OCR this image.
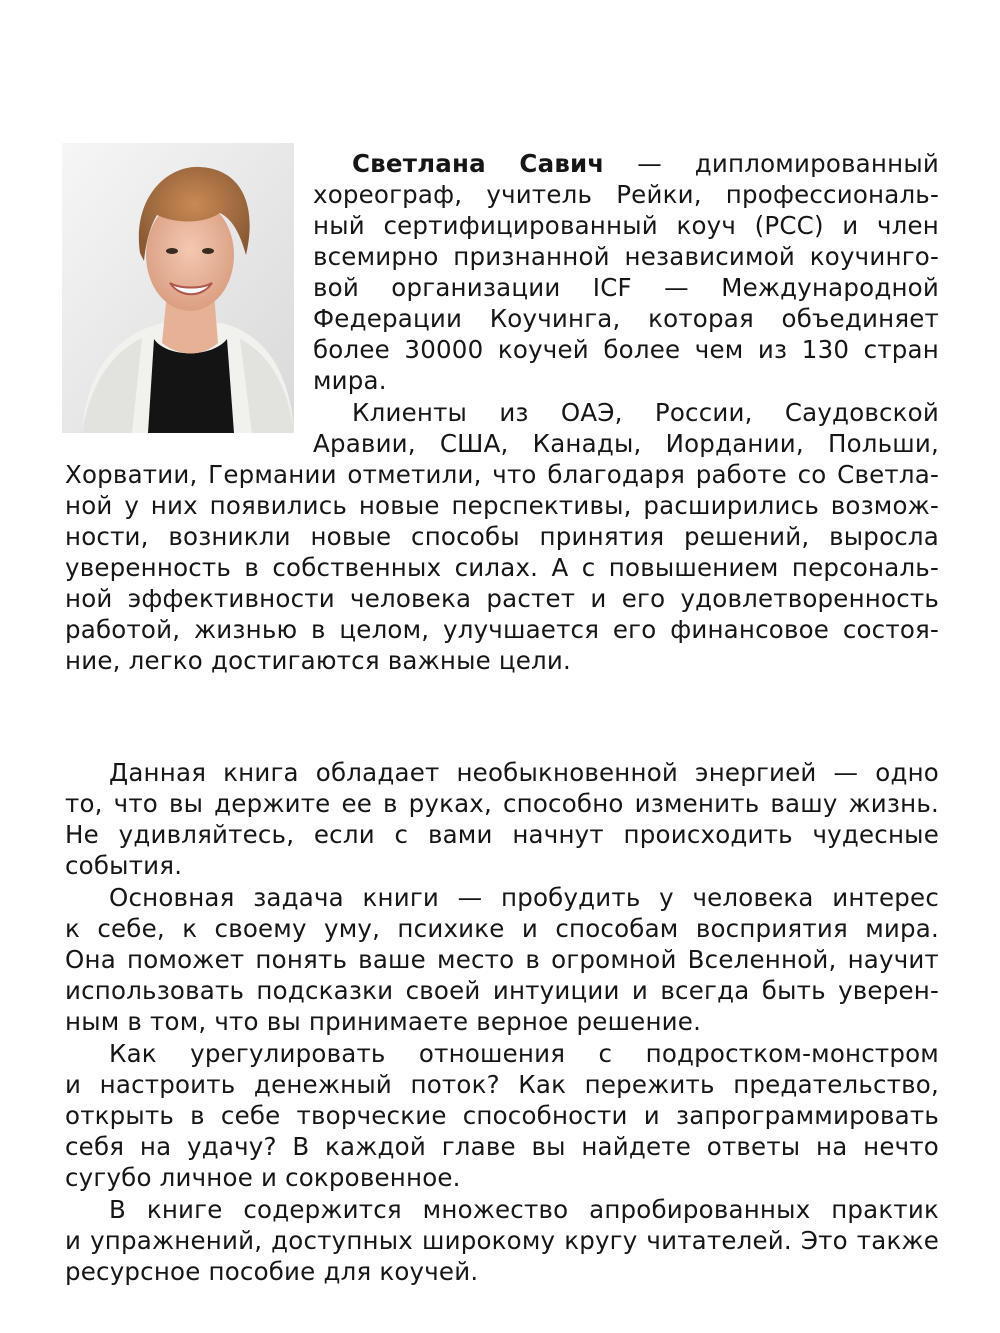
Светлана Савич — дипломированный
хореограф, учитель Рейки, профессиональ-
ный сертифицированный коуч (PCC) и член
всемирно признанной независимой коучинго-
вой организации ICF — Международной
Федерации Коучинга, которая объединяет
более 30000 коучей более чем из 130 стран
мира.
Клиенты из ОАЭ, России, Саудовской
Аравии, США, Канады, Иордании, Польши,
Хорватии, Германии отметили, что благодаря работе со Светла-
ной у них появились новые перспективы, расширились возмож-
ности, возникли новые способы принятия решений, выросла
уверенность в собственных силах. А с повышением персональ-
ной эффективности человека растет и его удовлетворенность
работой, жизнью в целом, улучшается его финансовое состоя-
ние, легко достигаются важные цели.
Данная книга обладает необыкновенной энергией — одно
то, что вы держите ее в руках, способно изменить вашу жизнь.
Не удивляйтесь, если с вами начнут происходить чудесные
события.
Основная задача книги — пробудить у человека интерес
к себе, к своему уму, психике и способам восприятия мира.
Она поможет понять ваше место в огромной Вселенной, научит
использовать подсказки своей интуиции и всегда быть уверен-
ным в том, что вы принимаете верное решение.
Как урегулировать отношения с подростком-монстром
и настроить денежный поток? Как пережить предательство,
открыть в себе творческие способности и запрограммировать
себя на удачу? В каждой главе вы найдете ответы на нечто
сугубо личное и сокровенное.
В книге содержится множество апробированных практик
и упражнений, доступных широкому кругу читателей. Это также
ресурсное пособие для коучей.
